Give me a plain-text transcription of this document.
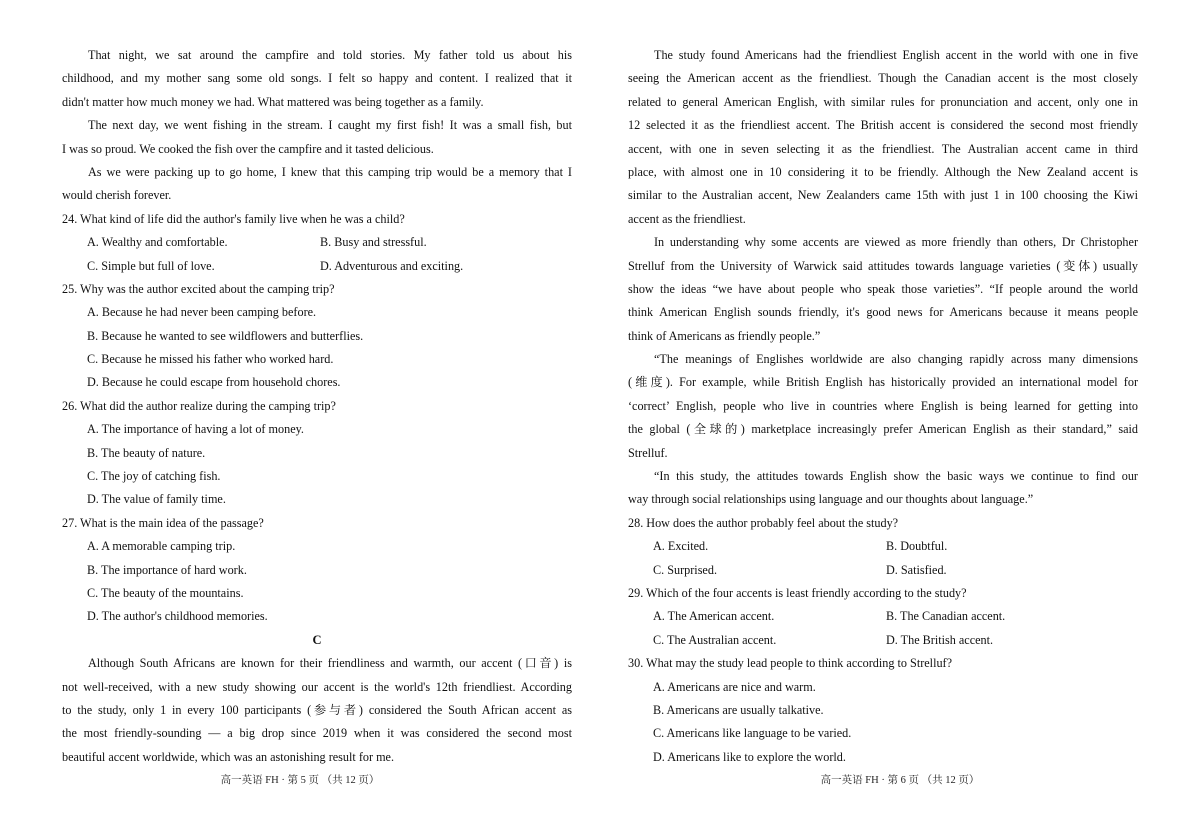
That night, we sat around the campfire and told stories. My father told us about his
childhood, and my mother sang some old songs. I felt so happy and content. I realized that it
didn't matter how much money we had. What mattered was being together as a family.
The next day, we went fishing in the stream. I caught my first fish! It was a small fish, but
I was so proud. We cooked the fish over the campfire and it tasted delicious.
As we were packing up to go home, I knew that this camping trip would be a memory that I
would cherish forever.
24. What kind of life did the author's family live when he was a child?
A. Wealthy and comfortable.	B. Busy and stressful.
C. Simple but full of love.	D. Adventurous and exciting.
25. Why was the author excited about the camping trip?
A. Because he had never been camping before.
B. Because he wanted to see wildflowers and butterflies.
C. Because he missed his father who worked hard.
D. Because he could escape from household chores.
26. What did the author realize during the camping trip?
A. The importance of having a lot of money.
B. The beauty of nature.
C. The joy of catching fish.
D. The value of family time.
27. What is the main idea of the passage?
A. A memorable camping trip.
B. The importance of hard work.
C. The beauty of the mountains.
D. The author's childhood memories.
C
Although South Africans are known for their friendliness and warmth, our accent (口音) is
not well-received, with a new study showing our accent is the world's 12th friendliest. According
to the study, only 1 in every 100 participants (参与者) considered the South African accent as
the most friendly-sounding — a big drop since 2019 when it was considered the second most
beautiful accent worldwide, which was an astonishing result for me.
高一英语 FH · 第 5 页 （共 12 页）
The study found Americans had the friendliest English accent in the world with one in five
seeing the American accent as the friendliest. Though the Canadian accent is the most closely
related to general American English, with similar rules for pronunciation and accent, only one in
12 selected it as the friendliest accent. The British accent is considered the second most friendly
accent, with one in seven selecting it as the friendliest. The Australian accent came in third
place, with almost one in 10 considering it to be friendly. Although the New Zealand accent is
similar to the Australian accent, New Zealanders came 15th with just 1 in 100 choosing the Kiwi
accent as the friendliest.
In understanding why some accents are viewed as more friendly than others, Dr Christopher
Strelluf from the University of Warwick said attitudes towards language varieties (变体) usually
show the ideas “we have about people who speak those varieties”. “If people around the world
think American English sounds friendly, it's good news for Americans because it means people
think of Americans as friendly people.”
“The meanings of Englishes worldwide are also changing rapidly across many dimensions
(维度). For example, while British English has historically provided an international model for
‘correct’ English, people who live in countries where English is being learned for getting into
the global (全球的) marketplace increasingly prefer American English as their standard,” said
Strelluf.
“In this study, the attitudes towards English show the basic ways we continue to find our
way through social relationships using language and our thoughts about language.”
28. How does the author probably feel about the study?
A. Excited.	B. Doubtful.
C. Surprised.	D. Satisfied.
29. Which of the four accents is least friendly according to the study?
A. The American accent.	B. The Canadian accent.
C. The Australian accent.	D. The British accent.
30. What may the study lead people to think according to Strelluf?
A. Americans are nice and warm.
B. Americans are usually talkative.
C. Americans like language to be varied.
D. Americans like to explore the world.
高一英语 FH · 第 6 页 （共 12 页）
